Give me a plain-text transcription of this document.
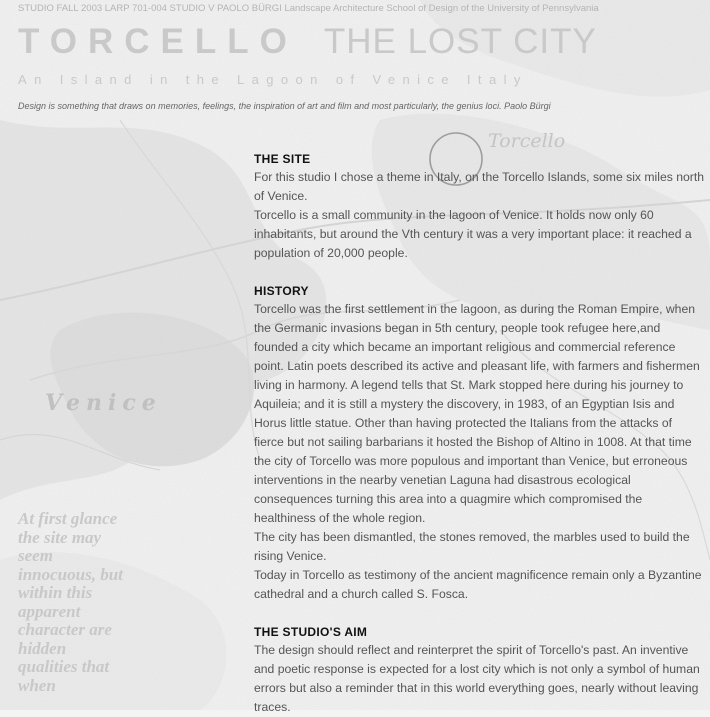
STUDIO FALL 2003 LARP 701-004 STUDIO V PAOLO BÜRGI Landscape Architecture School of Design of the University of Pennsylvania
TORCELLO THE LOST CITY
An Island in the Lagoon of Venice Italy
Design is something that draws on memories, feelings, the inspiration of art and film and most particularly, the genius loci. Paolo Bürgi
Torcello
Venice
At first glance the site may seem innocuous, but within this apparent character are hidden qualities that when
THE SITE

For this studio I chose a theme in Italy, on the Torcello Islands, some six miles north of Venice.

Torcello is a small community in the lagoon of Venice. It holds now only 60 inhabitants, but around the Vth century it was a very important place: it reached a population of 20,000 people.

HISTORY

Torcello was the first settlement in the lagoon, as during the Roman Empire, when the Germanic invasions began in 5th century, people took refugee here,and founded a city which became an important religious and commercial reference point. Latin poets described its active and pleasant life, with farmers and fishermen living in harmony. A legend tells that St. Mark stopped here during his journey to Aquileia; and it is still a mystery the discovery, in 1983, of an Egyptian Isis and Horus little statue. Other than having protected the Italians from the attacks of fierce but not sailing barbarians it hosted the Bishop of Altino in 1008. At that time the city of Torcello was more populous and important than Venice, but erroneous interventions in the nearby venetian Laguna had disastrous ecological consequences turning this area into a quagmire which compromised the healthiness of the whole region.

The city has been dismantled, the stones removed, the marbles used to build the rising Venice.

Today in Torcello as testimony of the ancient magnificence remain only a Byzantine cathedral and a church called S. Fosca.

THE STUDIO'S AIM

The design should reflect and reinterpret the spirit of Torcello's past. An inventive and poetic response is expected for a lost city which is not only a symbol of human errors but also a reminder that in this world everything goes, nearly without leaving traces.
